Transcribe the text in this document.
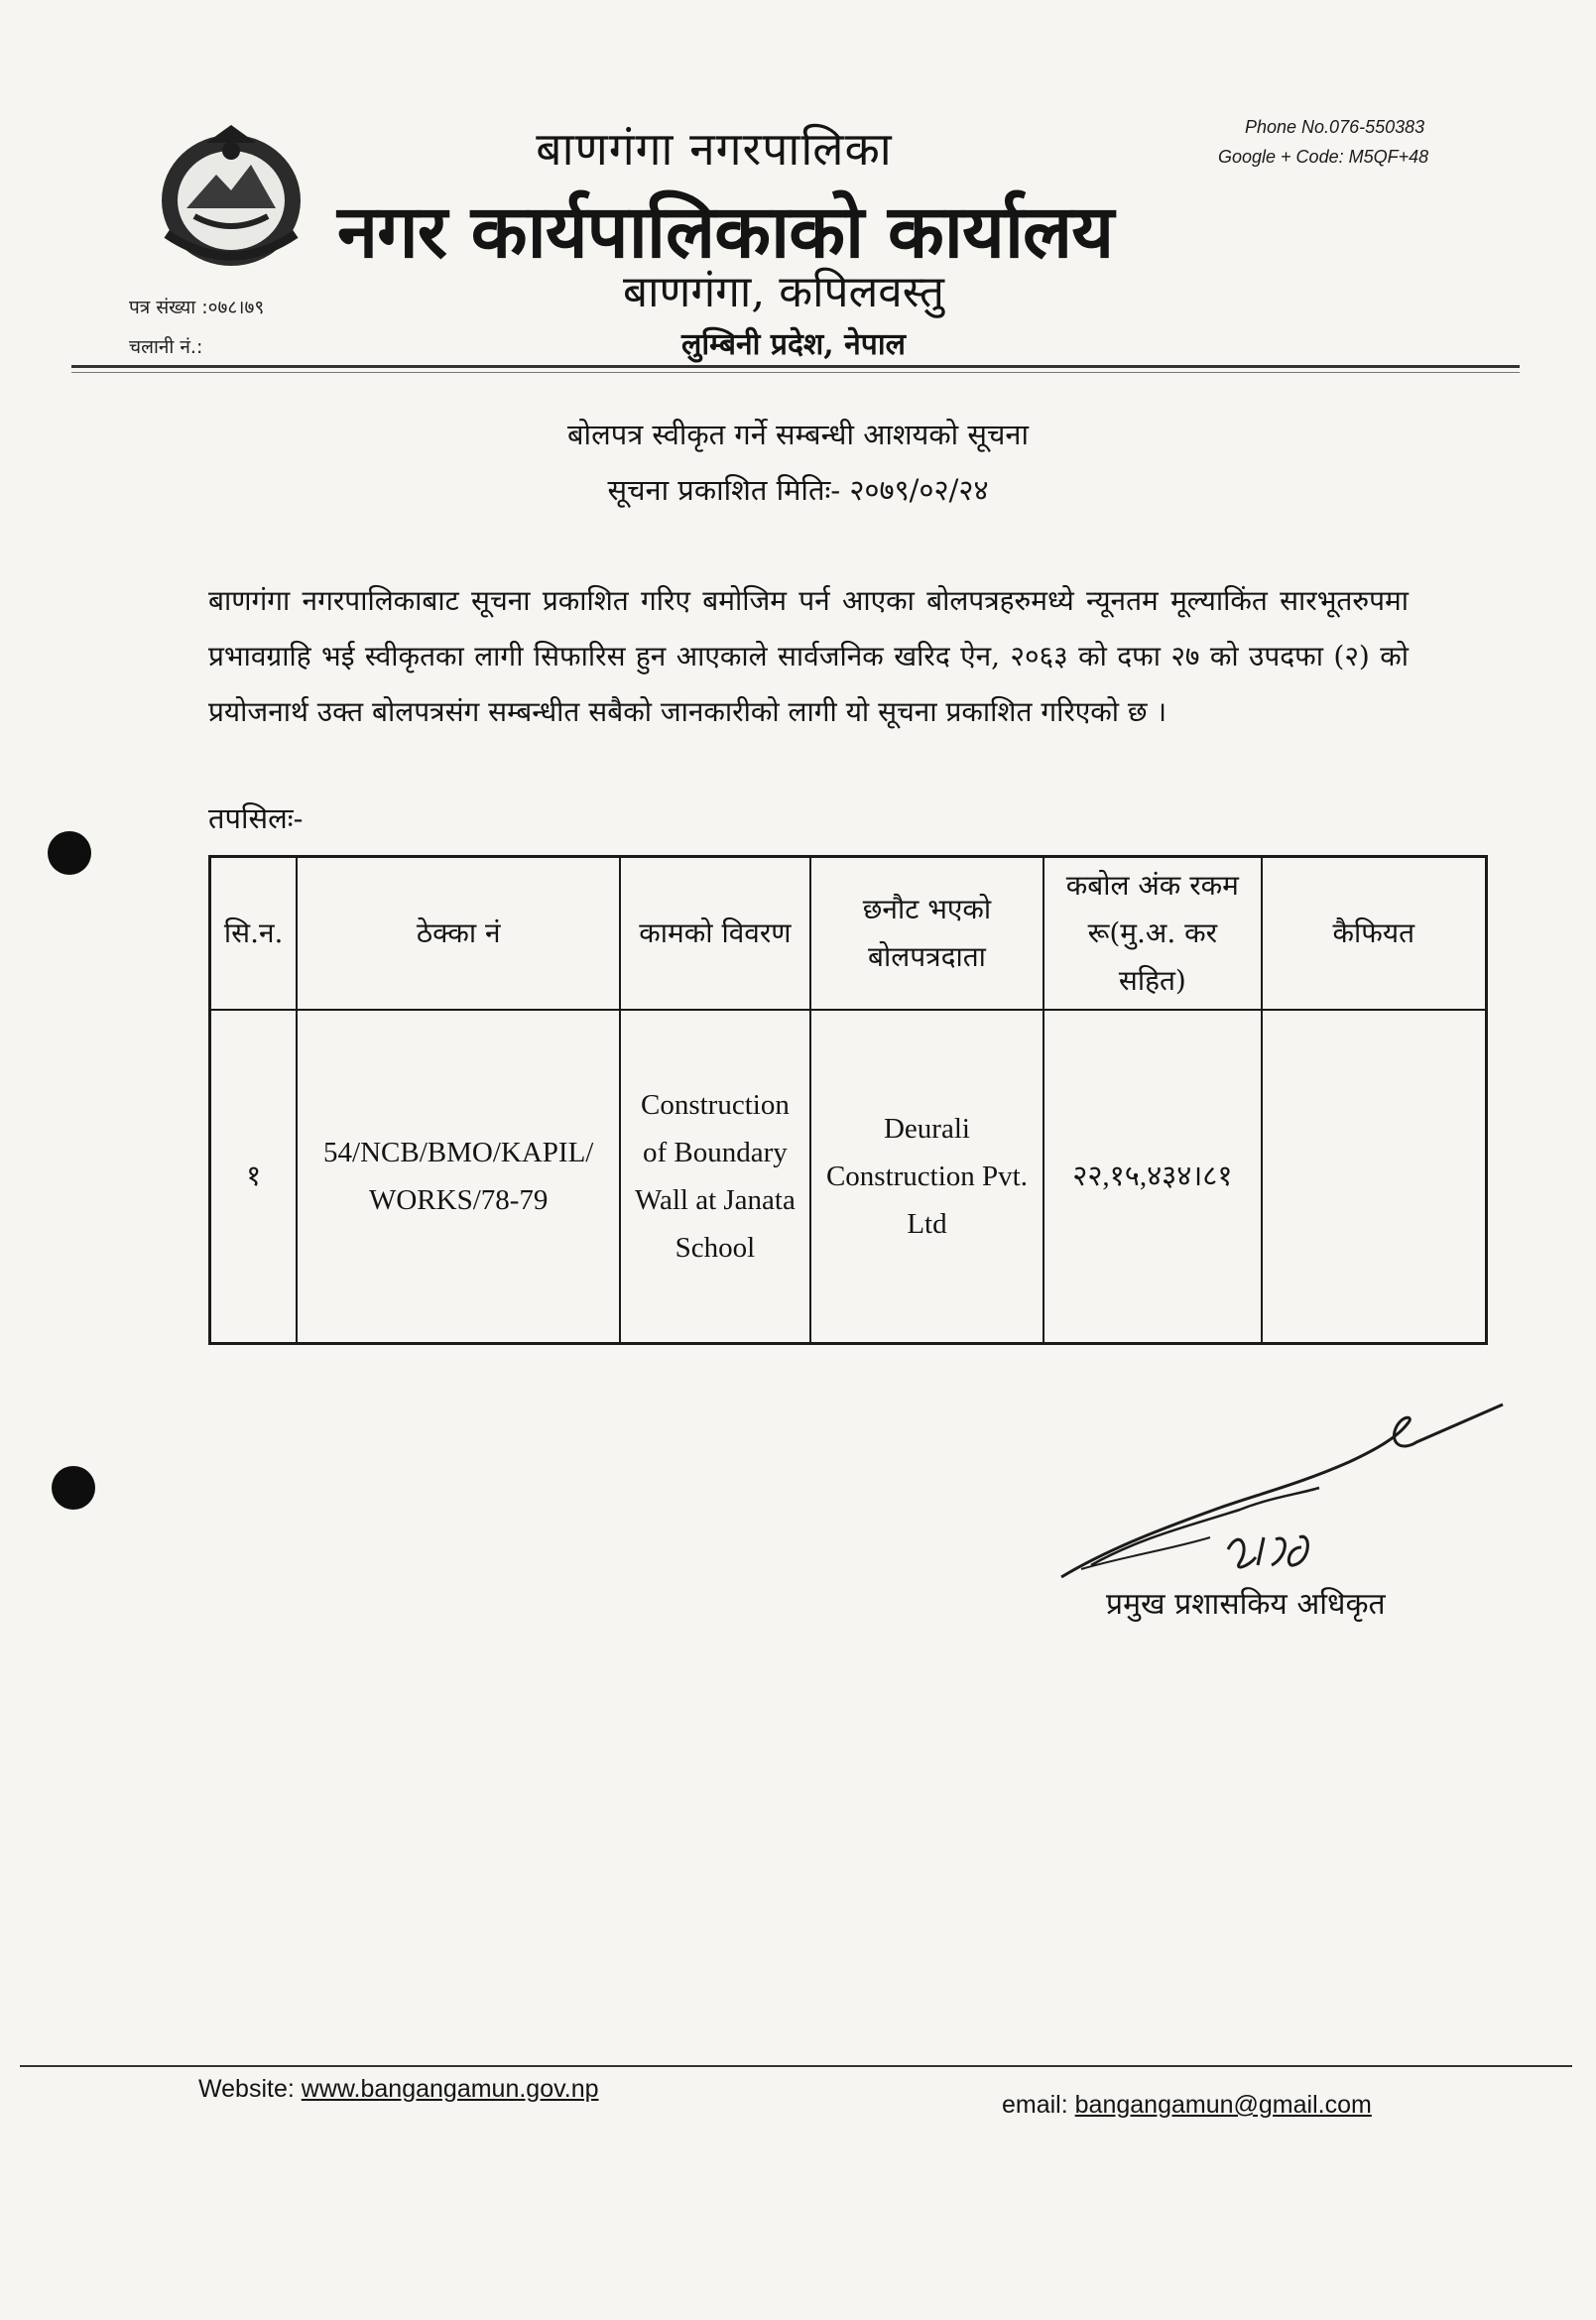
बाणगंगा नगरपालिका
नगर कार्यपालिकाको कार्यालय
बाणगंगा, कपिलवस्तु
लुम्बिनी प्रदेश, नेपाल
Phone No.076-550383
Google + Code: M5QF+48
पत्र संख्या :०७८।७९
चलानी नं.:
बोलपत्र स्वीकृत गर्ने सम्बन्धी आशयको सूचना
सूचना प्रकाशित मितिः- २०७९/०२/२४
बाणगंगा नगरपालिकाबाट सूचना प्रकाशित गरिए बमोजिम पर्न आएका बोलपत्रहरुमध्ये न्यूनतम मूल्याकिंत सारभूतरुपमा प्रभावग्राहि भई स्वीकृतका लागी सिफारिस हुन आएकाले सार्वजनिक खरिद ऐन, २०६३ को दफा २७ को उपदफा (२) को प्रयोजनार्थ उक्त बोलपत्रसंग सम्बन्धीत सबैको जानकारीको लागी यो सूचना प्रकाशित गरिएको छ ।
तपसिलः-
सि.न.	ठेक्का नं	कामको विवरण	छनौट भएको बोलपत्रदाता	कबोल अंक रकम रू(मु.अ. कर सहित)	कैफियत
१	54/NCB/BMO/KAPIL/ WORKS/78-79	Construction of Boundary Wall at Janata School	Deurali Construction Pvt. Ltd	२२,१५,४३४।८१	
प्रमुख प्रशासकिय अधिकृत
Website: www.bangangamun.gov.np
email: bangangamun@gmail.com
